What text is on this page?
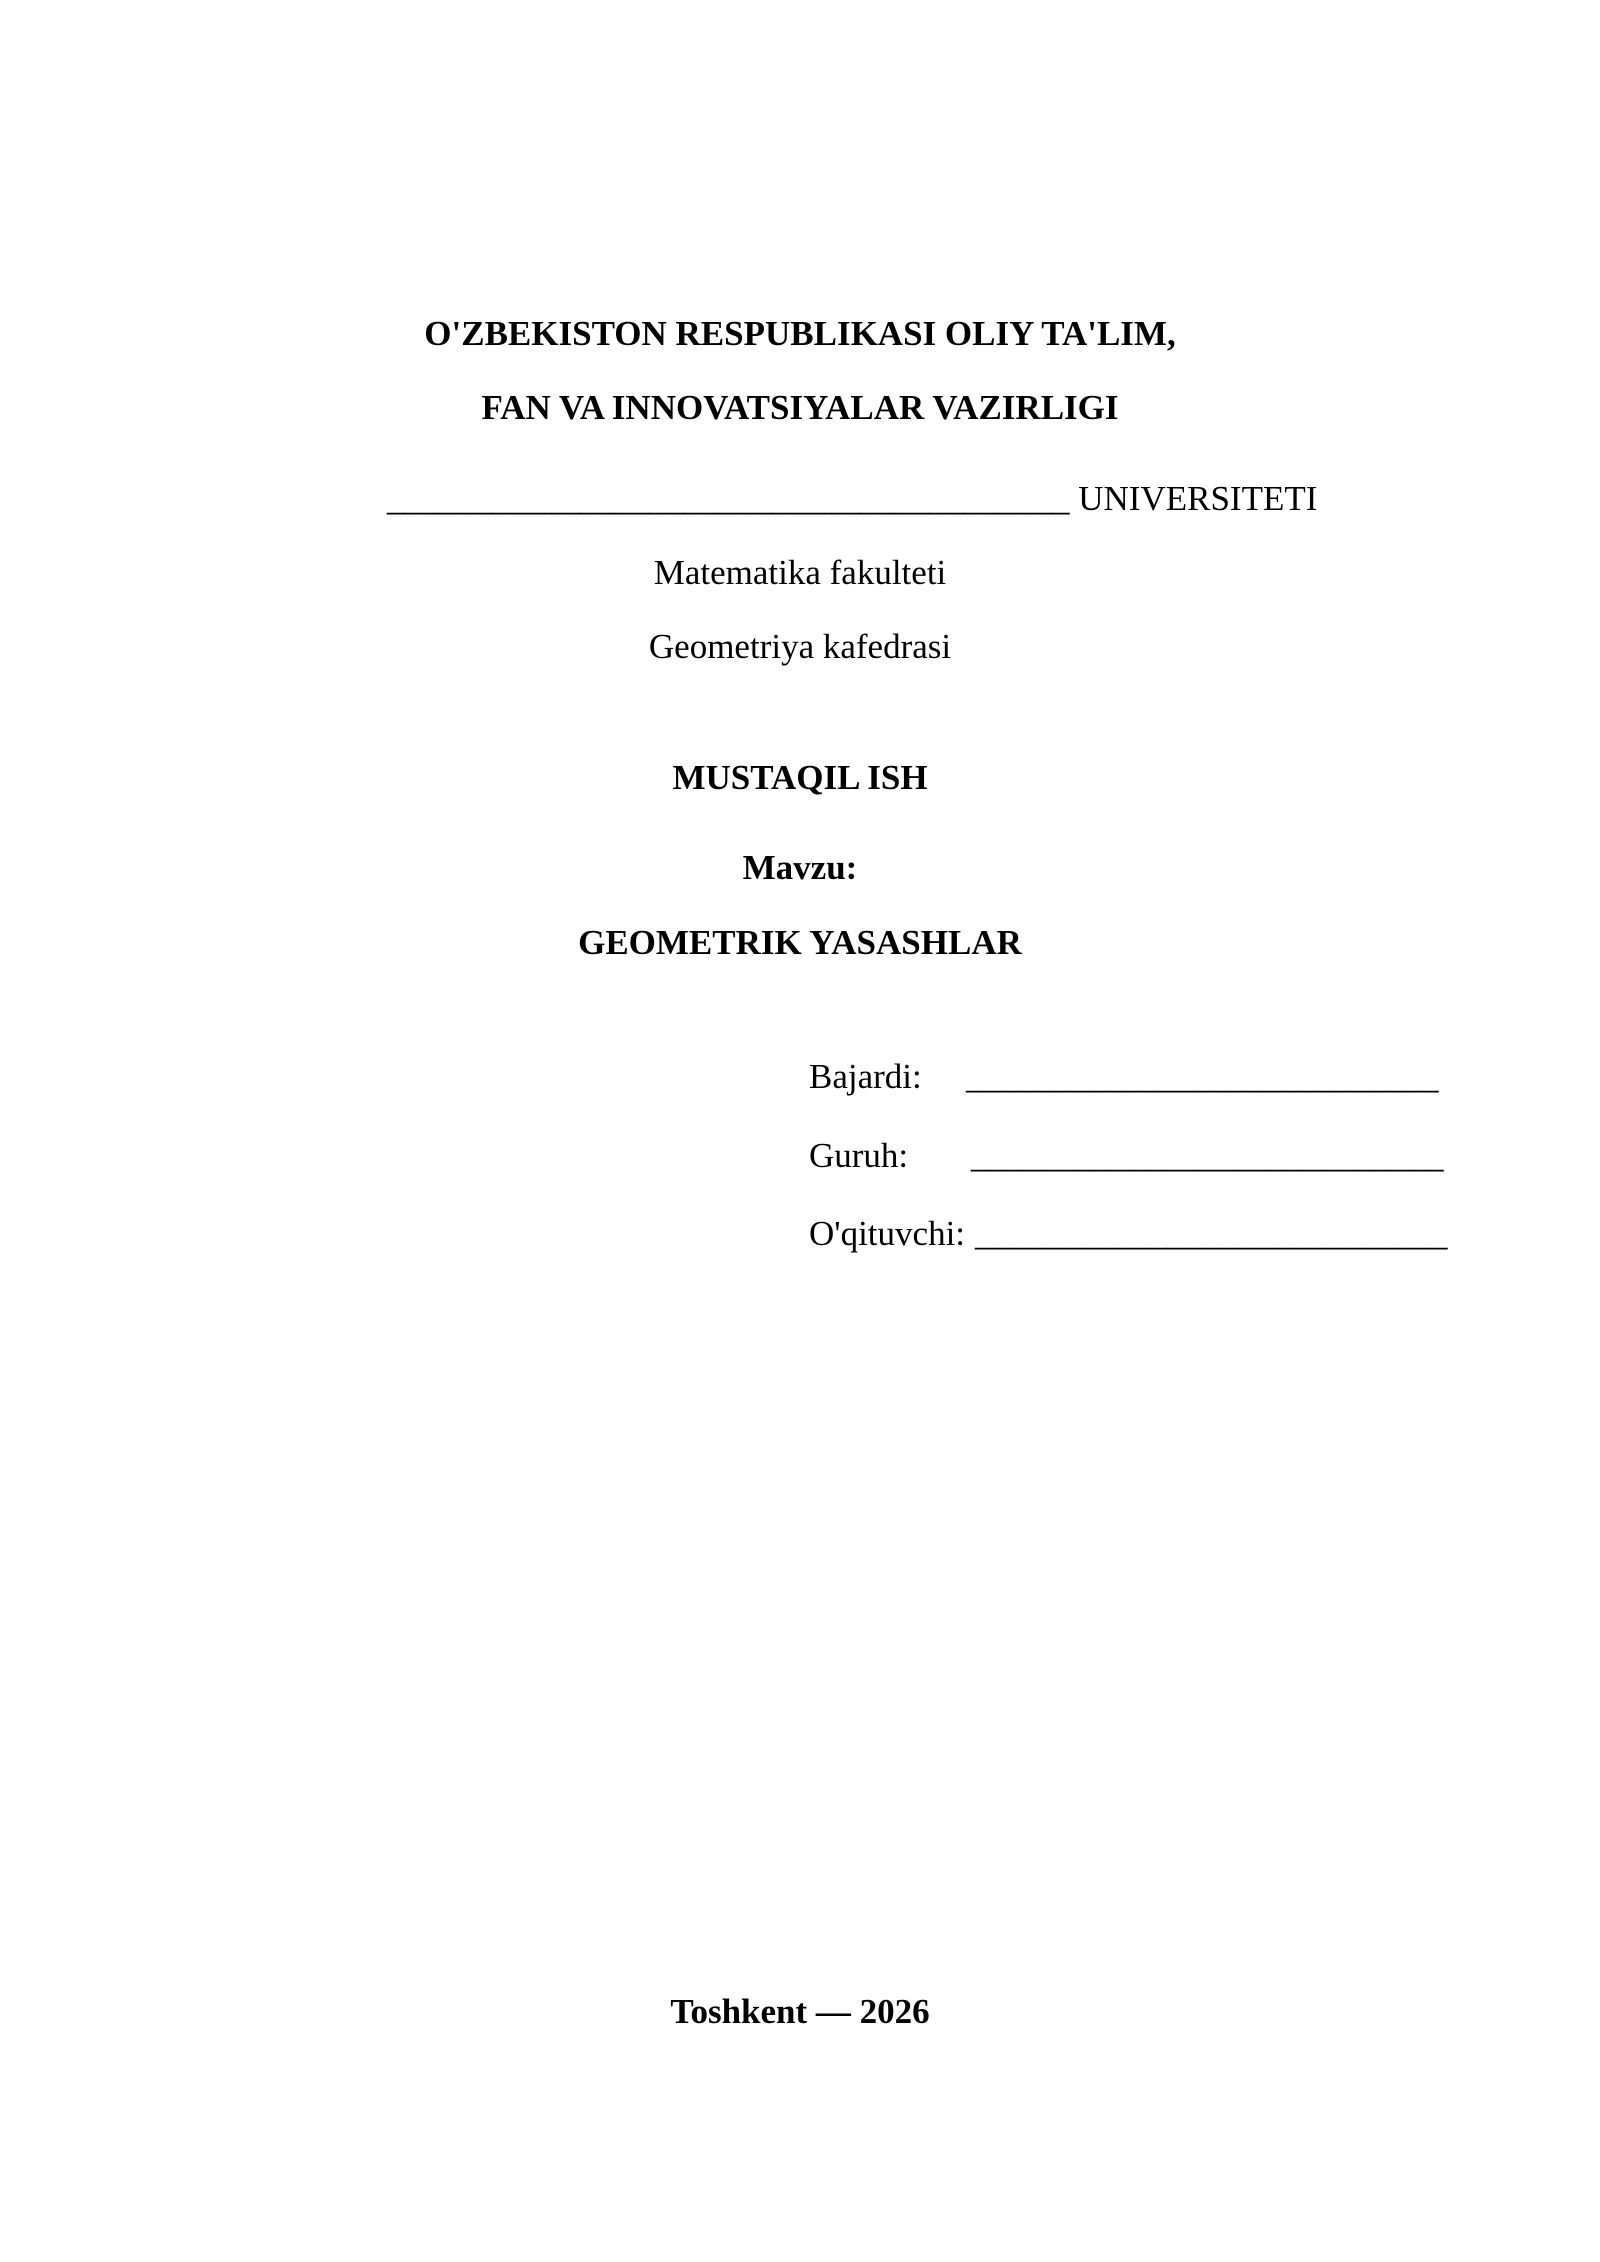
O'ZBEKISTON RESPUBLIKASI OLIY TA'LIM,
FAN VA INNOVATSIYALAR VAZIRLIGI
_______________________________________ UNIVERSITETI
Matematika fakulteti
Geometriya kafedrasi
MUSTAQIL ISH
Mavzu:
GEOMETRIK YASASHLAR
Bajardi: ___________________________
Guruh: ___________________________
O'qituvchi: ___________________________
Toshkent — 2026
